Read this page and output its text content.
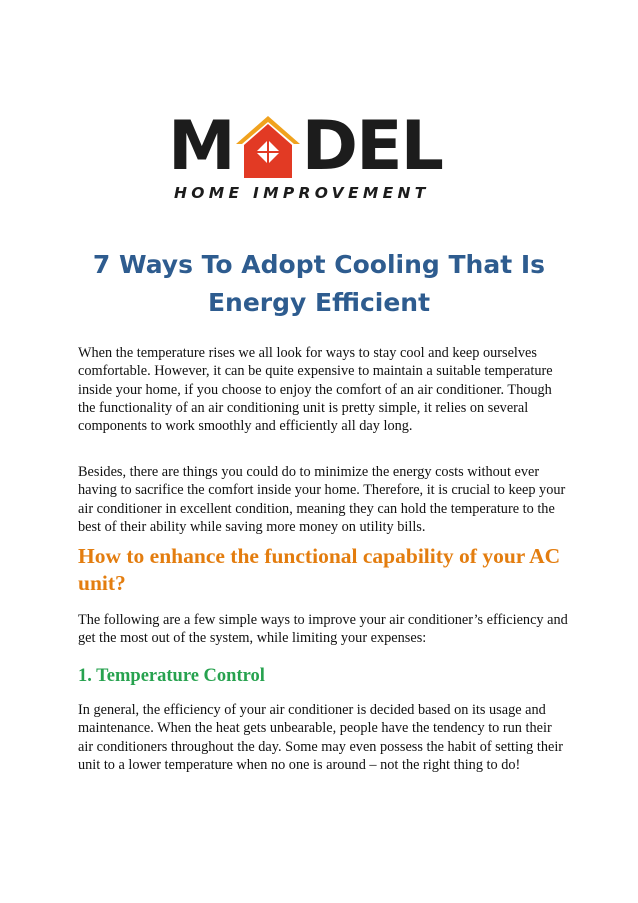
M DEL
HOME IMPROVEMENT
7 Ways To Adopt Cooling That Is Energy Efficient

When the temperature rises we all look for ways to stay cool and keep ourselves comfortable. However, it can be quite expensive to maintain a suitable temperature inside your home, if you choose to enjoy the comfort of an air conditioner. Though the functionality of an air conditioning unit is pretty simple, it relies on several components to work smoothly and efficiently all day long.

Besides, there are things you could do to minimize the energy costs without ever having to sacrifice the comfort inside your home. Therefore, it is crucial to keep your air conditioner in excellent condition, meaning they can hold the temperature to the best of their ability while saving more money on utility bills.

How to enhance the functional capability of your AC unit?

The following are a few simple ways to improve your air conditioner’s efficiency and get the most out of the system, while limiting your expenses:

1. Temperature Control

In general, the efficiency of your air conditioner is decided based on its usage and maintenance. When the heat gets unbearable, people have the tendency to run their air conditioners throughout the day. Some may even possess the habit of setting their unit to a lower temperature when no one is around – not the right thing to do!
